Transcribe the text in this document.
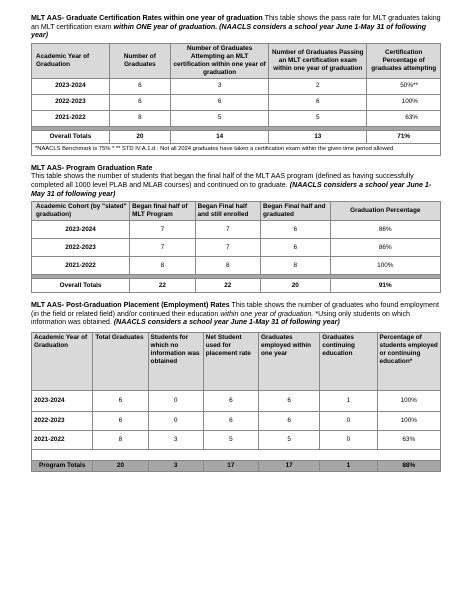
MLT AAS- Graduate Certification Rates within one year of graduation This table shows the pass rate for MLT graduates taking an MLT certification exam within ONE year of graduation. (NAACLS considers a school year June 1-May 31 of following year)

Academic Year of Graduation	Number of Graduates	Number of Graduates Attempting an MLT certification within one year of graduation	Number of Graduates Passing an MLT certification exam within one year of graduation	Certification Percentage of graduates attempting
2023-2024	6	3	2	50%**
2022-2023	6	6	6	100%
2021-2022	8	5	5	63%

Overall Totals	20	14	13	71%
*NAACLS Benchmark is 75% * ** STD IV.A.1.d : Not all 2024 graduates have taken a certification exam within the given time period allowed.				

MLT AAS- Program Graduation Rate

This table shows the number of students that began the final half of the MLT AAS program (defined as having successfully completed all 1000 level PLAB and MLAB courses) and continued on to graduate. (NAACLS considers a school year June 1-May 31 of following year)

Academic Cohort (by "slated" graduation)	Began final half of MLT Program	Began Final half and still enrolled	Began Final half and graduated	Graduation Percentage
2023-2024	7	7	6	86%
2022-2023	7	7	6	86%
2021-2022	8	8	8	100%

Overall Totals	22	22	20	91%

MLT AAS- Post-Graduation Placement (Employment) Rates This table shows the number of graduates who found employment (in the field or related field) and/or continued their education within one year of graduation. *Using only students on which information was obtained. (NAACLS considers a school year June 1-May 31 of following year)

Academic Year of Graduation	Total Graduates	Students for which no information was obtained	Net Student used for placement rate	Graduates employed within one year	Graduates continuing education	Percentage of students employed or continuing education*
2023-2024	6	0	6	6	1	100%
2022-2023	6	0	6	6	0	100%
2021-2022	8	3	5	5	0	63%

Program Totals	20	3	17	17	1	88%
